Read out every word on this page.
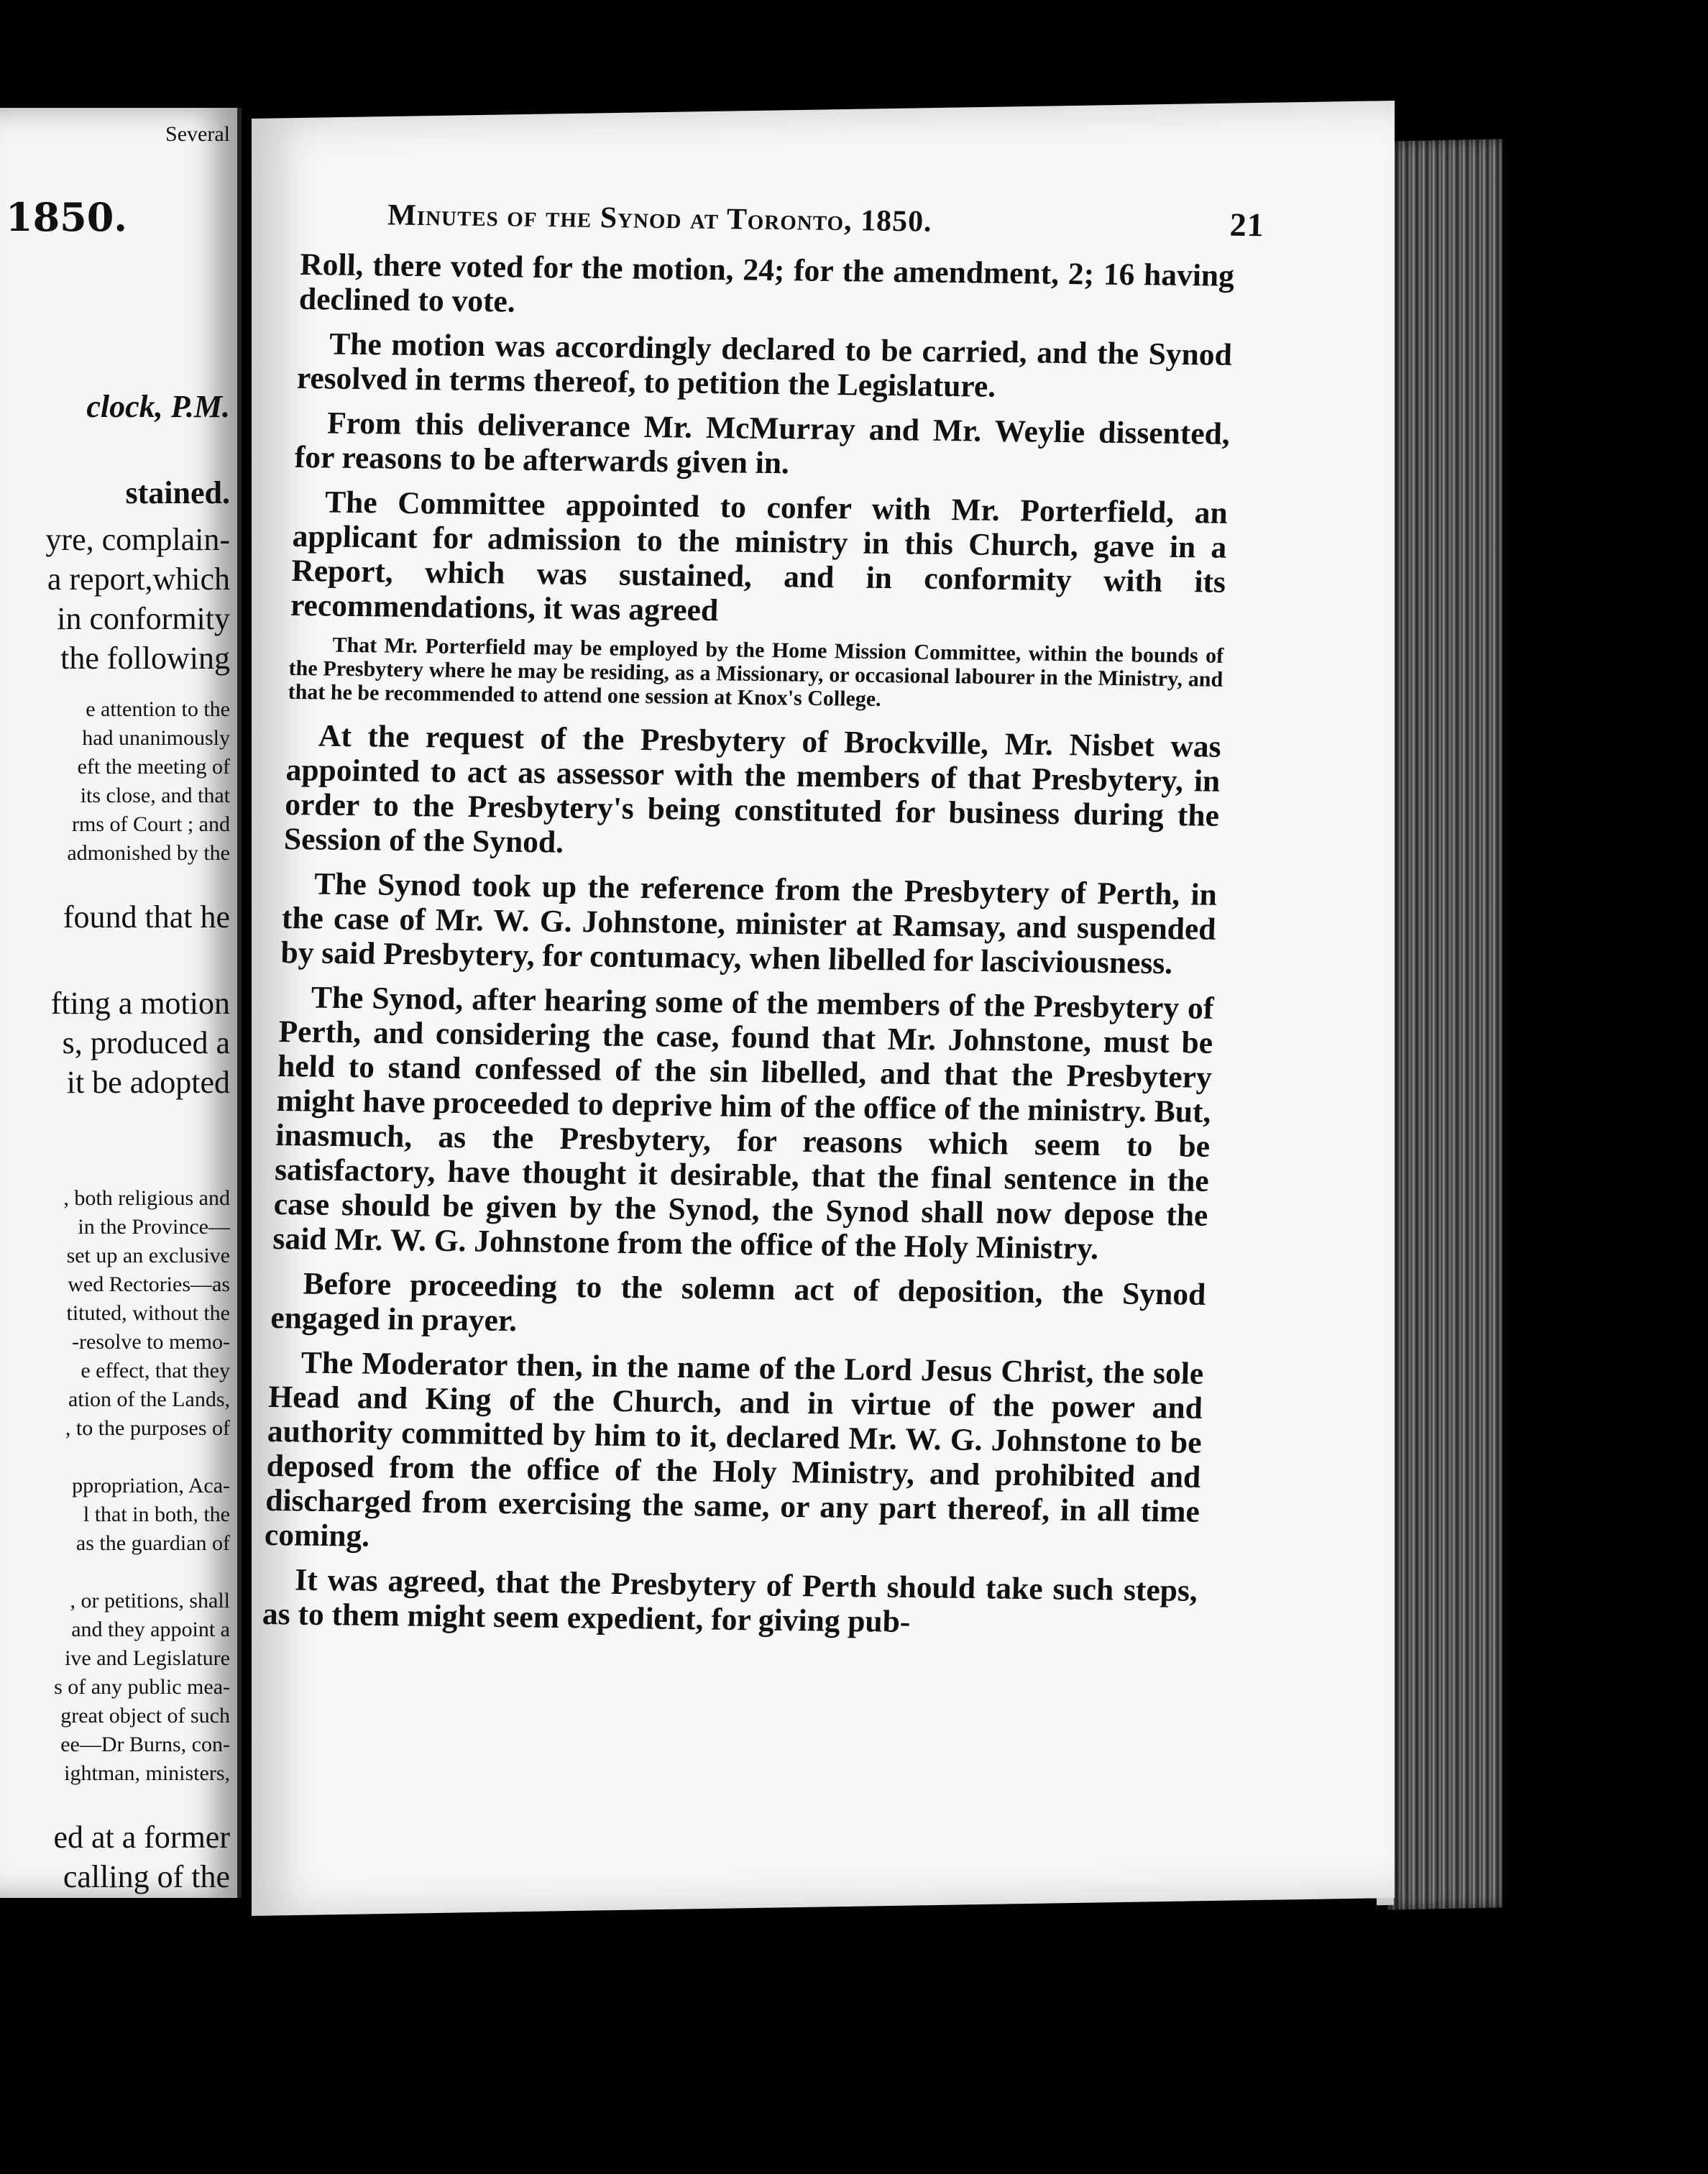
1850.
Several
clock, P.M.
stained.
yre, complain-
a report,which
in conformity
the following
e attention to the
had unanimously
eft the meeting of
its close, and that
rms of Court ; and
admonished by the
found that he
fting a motion
s, produced a
it be adopted
, both religious and
in the Province—
set up an exclusive
wed Rectories—as
tituted, without the
-resolve to memo-
e effect, that they
ation of the Lands,
, to the purposes of
ppropriation, Aca-
l that in both, the
as the guardian of
, or petitions, shall
and they appoint a
ive and Legislature
s of any public mea-
great object of such
ee—Dr Burns, con-
ightman, ministers,
ed at a former
calling of the
Minutes of the Synod at Toronto, 1850.	21
Roll, there voted for the motion, 24; for the amendment, 2; 16 having declined to vote.
The motion was accordingly declared to be carried, and the Synod resolved in terms thereof, to petition the Legislature.
From this deliverance Mr. McMurray and Mr. Weylie dissented, for reasons to be afterwards given in.
The Committee appointed to confer with Mr. Porterfield, an applicant for admission to the ministry in this Church, gave in a Report, which was sustained, and in conformity with its recommendations, it was agreed
That Mr. Porterfield may be employed by the Home Mission Committee, within the bounds of the Presbytery where he may be residing, as a Missionary, or occasional labourer in the Ministry, and that he be recommended to attend one session at Knox's College.
At the request of the Presbytery of Brockville, Mr. Nisbet was appointed to act as assessor with the members of that Presbytery, in order to the Presbytery's being constituted for business during the Session of the Synod.
The Synod took up the reference from the Presbytery of Perth, in the case of Mr. W. G. Johnstone, minister at Ramsay, and suspended by said Presbytery, for contumacy, when libelled for lasciviousness.
The Synod, after hearing some of the members of the Presbytery of Perth, and considering the case, found that Mr. Johnstone, must be held to stand confessed of the sin libelled, and that the Presbytery might have proceeded to deprive him of the office of the ministry. But, inasmuch, as the Presbytery, for reasons which seem to be satisfactory, have thought it desirable, that the final sentence in the case should be given by the Synod, the Synod shall now depose the said Mr. W. G. Johnstone from the office of the Holy Ministry.
Before proceeding to the solemn act of deposition, the Synod engaged in prayer.
The Moderator then, in the name of the Lord Jesus Christ, the sole Head and King of the Church, and in virtue of the power and authority committed by him to it, declared Mr. W. G. Johnstone to be deposed from the office of the Holy Ministry, and prohibited and discharged from exercising the same, or any part thereof, in all time coming.
It was agreed, that the Presbytery of Perth should take such steps, as to them might seem expedient, for giving pub-
